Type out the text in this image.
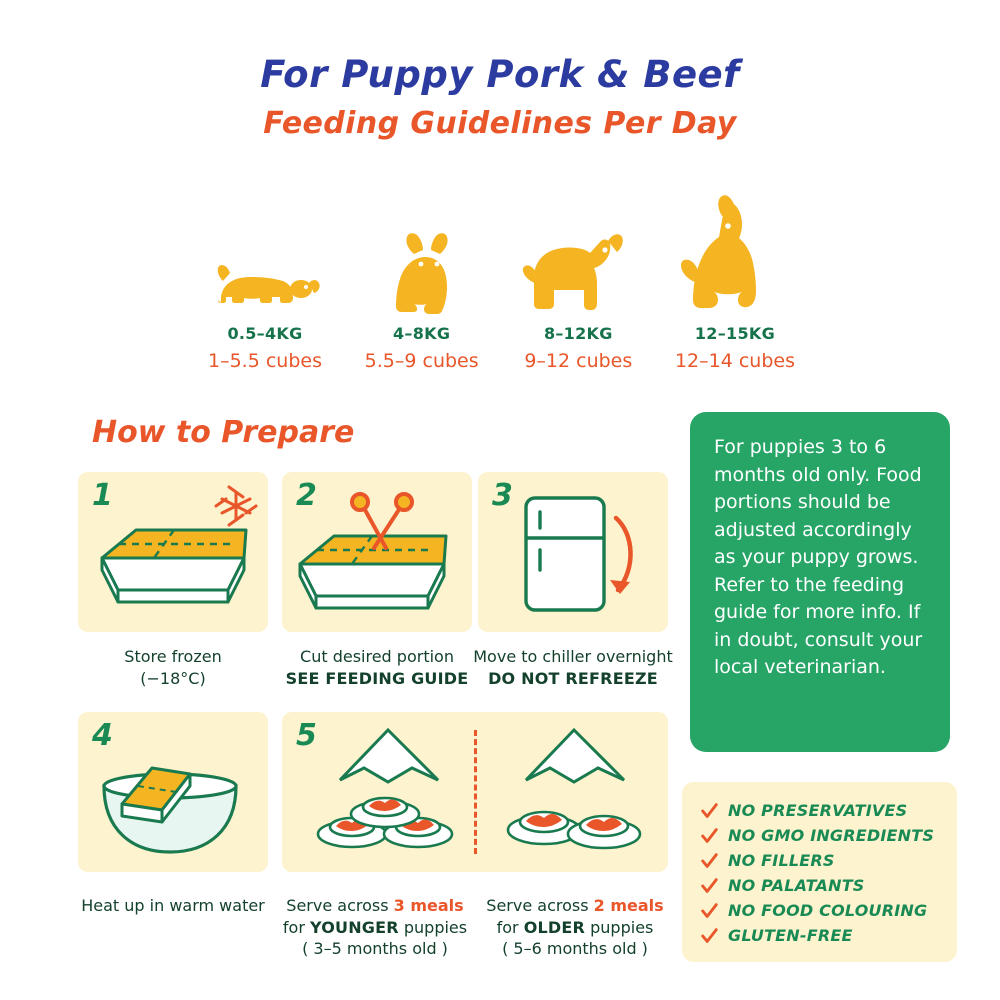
For Puppy Pork & Beef
Feeding Guidelines Per Day
0.5–4KG
1–5.5 cubes
4–8KG
5.5–9 cubes
8–12KG
9–12 cubes
12–15KG
12–14 cubes
How to Prepare
1
Store frozen
(−18°C)
2
Cut desired portion
SEE FEEDING GUIDE
3
Move to chiller overnight
DO NOT REFREEZE
4
Heat up in warm water
5
Serve across 3 meals
for YOUNGER puppies
( 3–5 months old )
Serve across 2 meals
for OLDER puppies
( 5–6 months old )
For puppies 3 to 6 months old only. Food portions should be adjusted accordingly as your puppy grows. Refer to the feeding guide for more info. If in doubt, consult your local veterinarian.
NO PRESERVATIVES
NO GMO INGREDIENTS
NO FILLERS
NO PALATANTS
NO FOOD COLOURING
GLUTEN-FREE
